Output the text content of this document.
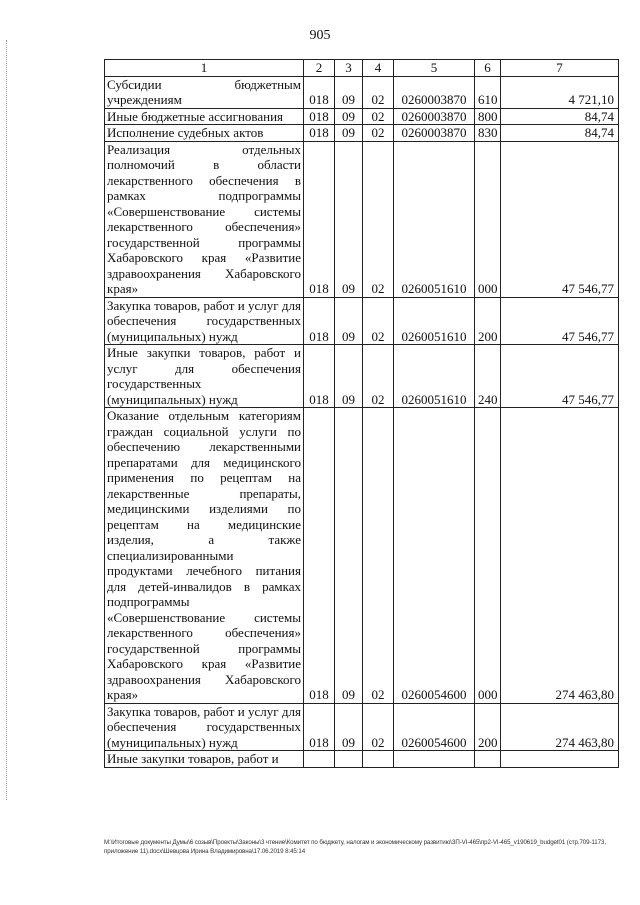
905
1	2	3	4	5	6	7
Субсидии бюджетным учреждениям	018	09	02	0260003870	610	4 721,10
Иные бюджетные ассигнования	018	09	02	0260003870	800	84,74
Исполнение судебных актов	018	09	02	0260003870	830	84,74
Реализация отдельных полномочий в области лекарственного обеспечения в рамках подпрограммы «Совершенствование системы лекарственного обеспечения» государственной программы Хабаровского края «Развитие здравоохранения Хабаровского края»	018	09	02	0260051610	000	47 546,77
Закупка товаров, работ и услуг для обеспечения государственных (муниципальных) нужд	018	09	02	0260051610	200	47 546,77
Иные закупки товаров, работ и услуг для обеспечения государственных (муниципальных) нужд	018	09	02	0260051610	240	47 546,77
Оказание отдельным категориям граждан социальной услуги по обеспечению лекарственными препаратами для медицинского применения по рецептам на лекарственные препараты, медицинскими изделиями по рецептам на медицинские изделия, а также специализированными продуктами лечебного питания для детей-инвалидов в рамках подпрограммы «Совершенствование системы лекарственного обеспечения» государственной программы Хабаровского края «Развитие здравоохранения Хабаровского края»	018	09	02	0260054600	000	274 463,80
Закупка товаров, работ и услуг для обеспечения государственных (муниципальных) нужд	018	09	02	0260054600	200	274 463,80
Иные закупки товаров, работ и						
М:\Итоговые документы Думы\6 созыв\Проекты\Законы\3 чтение\Комитет по бюджету, налогам и экономическому развитию\ЗП-VI-465\пр2-VI-465_v190619_budget01 (стр.709-1173, приложение 11).docx\Шевцова Ирина Владимировна\17.06.2019 8:45:14
